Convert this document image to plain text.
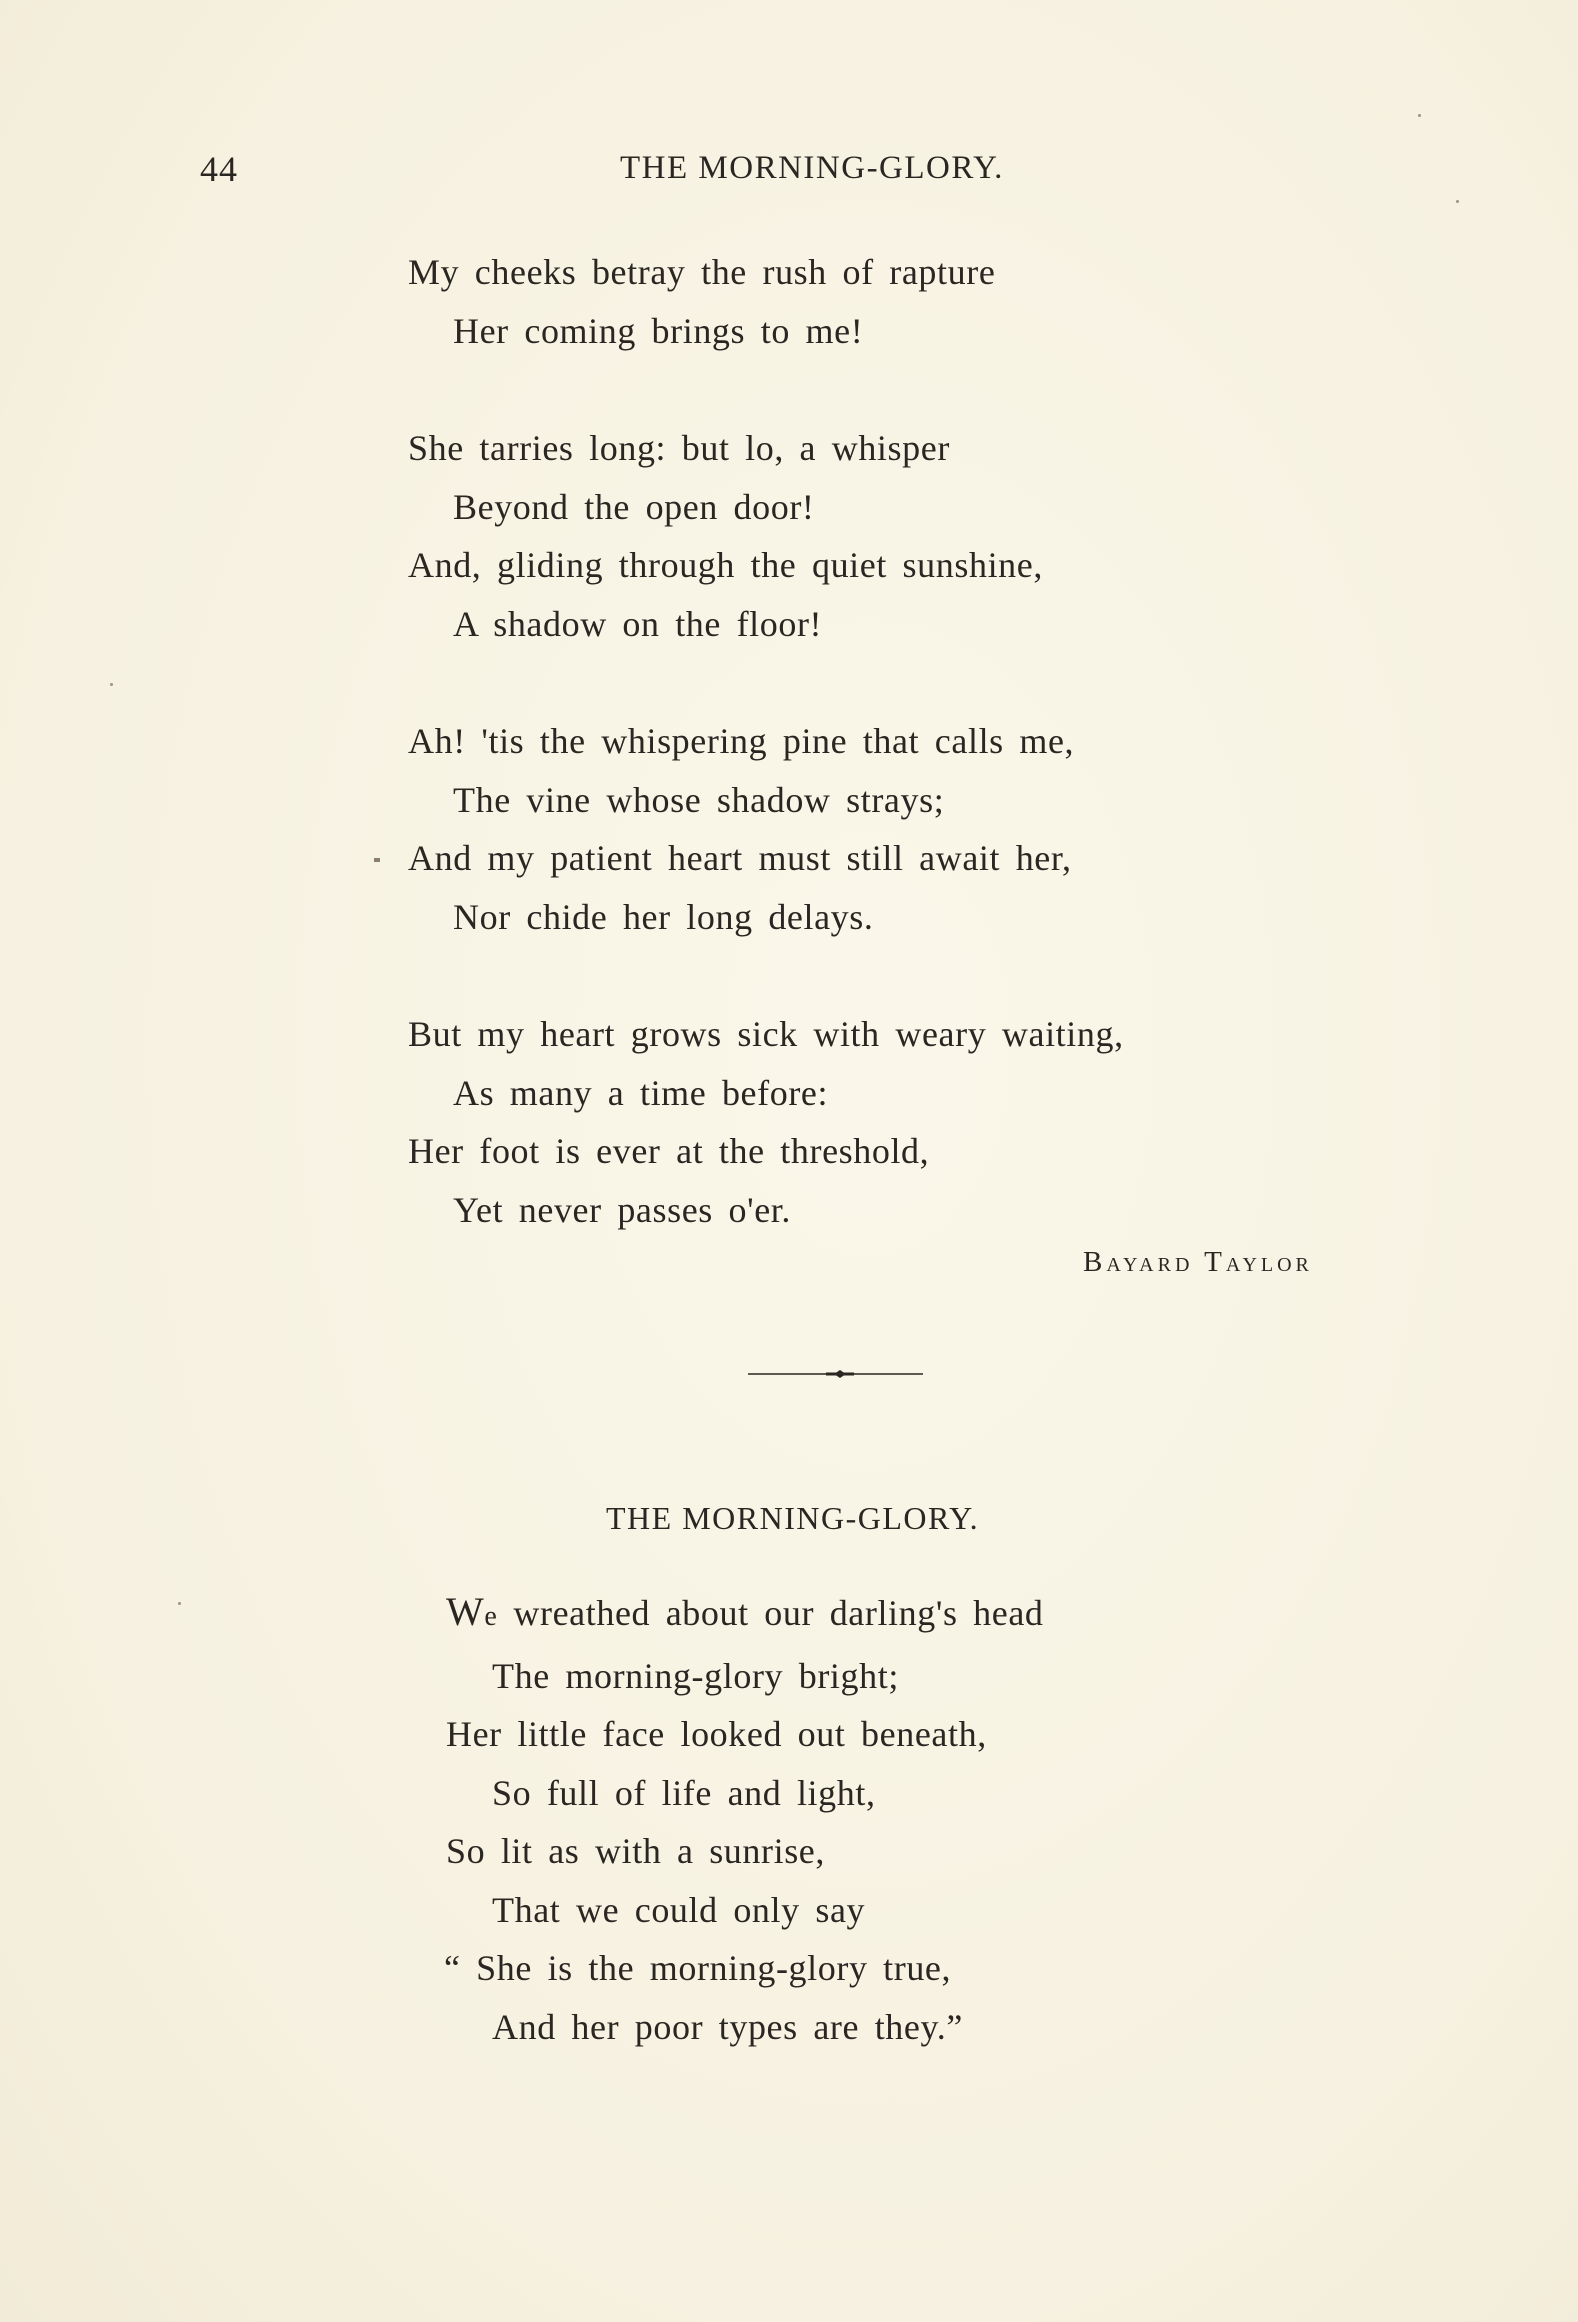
44	THE MORNING-GLORY.
My cheeks betray the rush of rapture
Her coming brings to me!
She tarries long: but lo, a whisper
Beyond the open door!
And, gliding through the quiet sunshine,
A shadow on the floor!
Ah! 'tis the whispering pine that calls me,
The vine whose shadow strays;
And my patient heart must still await her,
Nor chide her long delays.
But my heart grows sick with weary waiting,
As many a time before:
Her foot is ever at the threshold,
Yet never passes o'er.
Bayard Taylor
THE MORNING-GLORY.
We wreathed about our darling's head
The morning-glory bright;
Her little face looked out beneath,
So full of life and light,
So lit as with a sunrise,
That we could only say
“ She is the morning-glory true,
And her poor types are they.”
